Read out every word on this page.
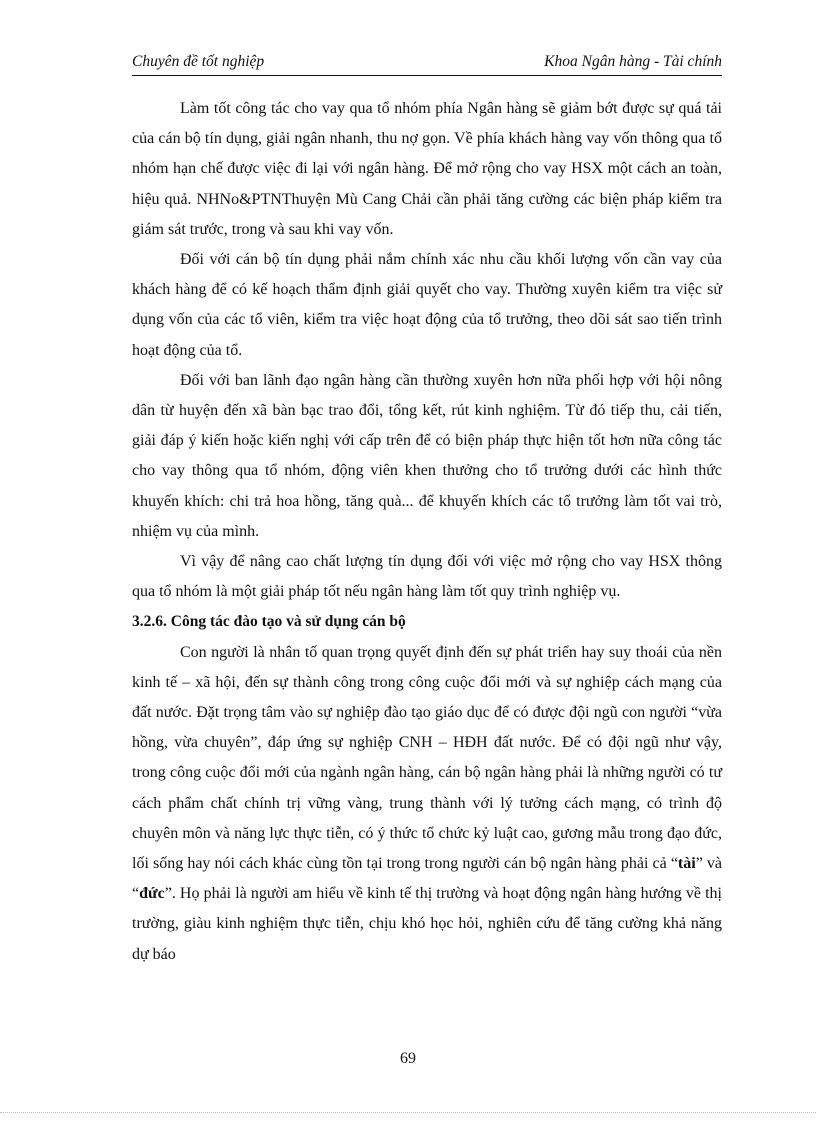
Chuyên đề tốt nghiệp	Khoa Ngân hàng - Tài chính

Làm tốt công tác cho vay qua tổ nhóm phía Ngân hàng sẽ giảm bớt được sự quá tải của cán bộ tín dụng, giải ngân nhanh, thu nợ gọn. Về phía khách hàng vay vốn thông qua tổ nhóm hạn chế được việc đi lại với ngân hàng. Để mở rộng cho vay HSX một cách an toàn, hiệu quả. NHNo&PTNThuyện Mù Cang Chải cần phải tăng cường các biện pháp kiểm tra giám sát trước, trong và sau khi vay vốn.

Đối với cán bộ tín dụng phải nắm chính xác nhu cầu khối lượng vốn cần vay của khách hàng để có kế hoạch thẩm định giải quyết cho vay. Thường xuyên kiểm tra việc sử dụng vốn của các tổ viên, kiểm tra việc hoạt động của tổ trưởng, theo dõi sát sao tiến trình hoạt động của tổ.

Đối với ban lãnh đạo ngân hàng cần thường xuyên hơn nữa phối hợp với hội nông dân từ huyện đến xã bàn bạc trao đổi, tổng kết, rút kinh nghiệm. Từ đó tiếp thu, cải tiến, giải đáp ý kiến hoặc kiến nghị với cấp trên để có biện pháp thực hiện tốt hơn nữa công tác cho vay thông qua tổ nhóm, động viên khen thưởng cho tổ trưởng dưới các hình thức khuyến khích: chi trả hoa hồng, tăng quà... để khuyến khích các tổ trưởng làm tốt vai trò, nhiệm vụ của mình.

Vì vậy để nâng cao chất lượng tín dụng đối với việc mở rộng cho vay HSX thông qua tổ nhóm là một giải pháp tốt nếu ngân hàng làm tốt quy trình nghiệp vụ.

3.2.6. Công tác đào tạo và sử dụng cán bộ

Con người là nhân tố quan trọng quyết định đến sự phát triển hay suy thoái của nền kinh tế – xã hội, đến sự thành công trong công cuộc đổi mới và sự nghiệp cách mạng của đất nước. Đặt trọng tâm vào sự nghiệp đào tạo giáo dục để có được đội ngũ con người “vừa hồng, vừa chuyên”, đáp ứng sự nghiệp CNH – HĐH đất nước. Để có đội ngũ như vậy, trong công cuộc đổi mới của ngành ngân hàng, cán bộ ngân hàng phải là những người có tư cách phẩm chất chính trị vững vàng, trung thành với lý tưởng cách mạng, có trình độ chuyên môn và năng lực thực tiễn, có ý thức tổ chức kỷ luật cao, gương mẫu trong đạo đức, lối sống hay nói cách khác cùng tồn tại trong trong người cán bộ ngân hàng phải cả “tài” và “đức”. Họ phải là người am hiểu về kinh tế thị trường và hoạt động ngân hàng hướng về thị trường, giàu kinh nghiệm thực tiễn, chịu khó học hỏi, nghiên cứu để tăng cường khả năng dự báo

69
